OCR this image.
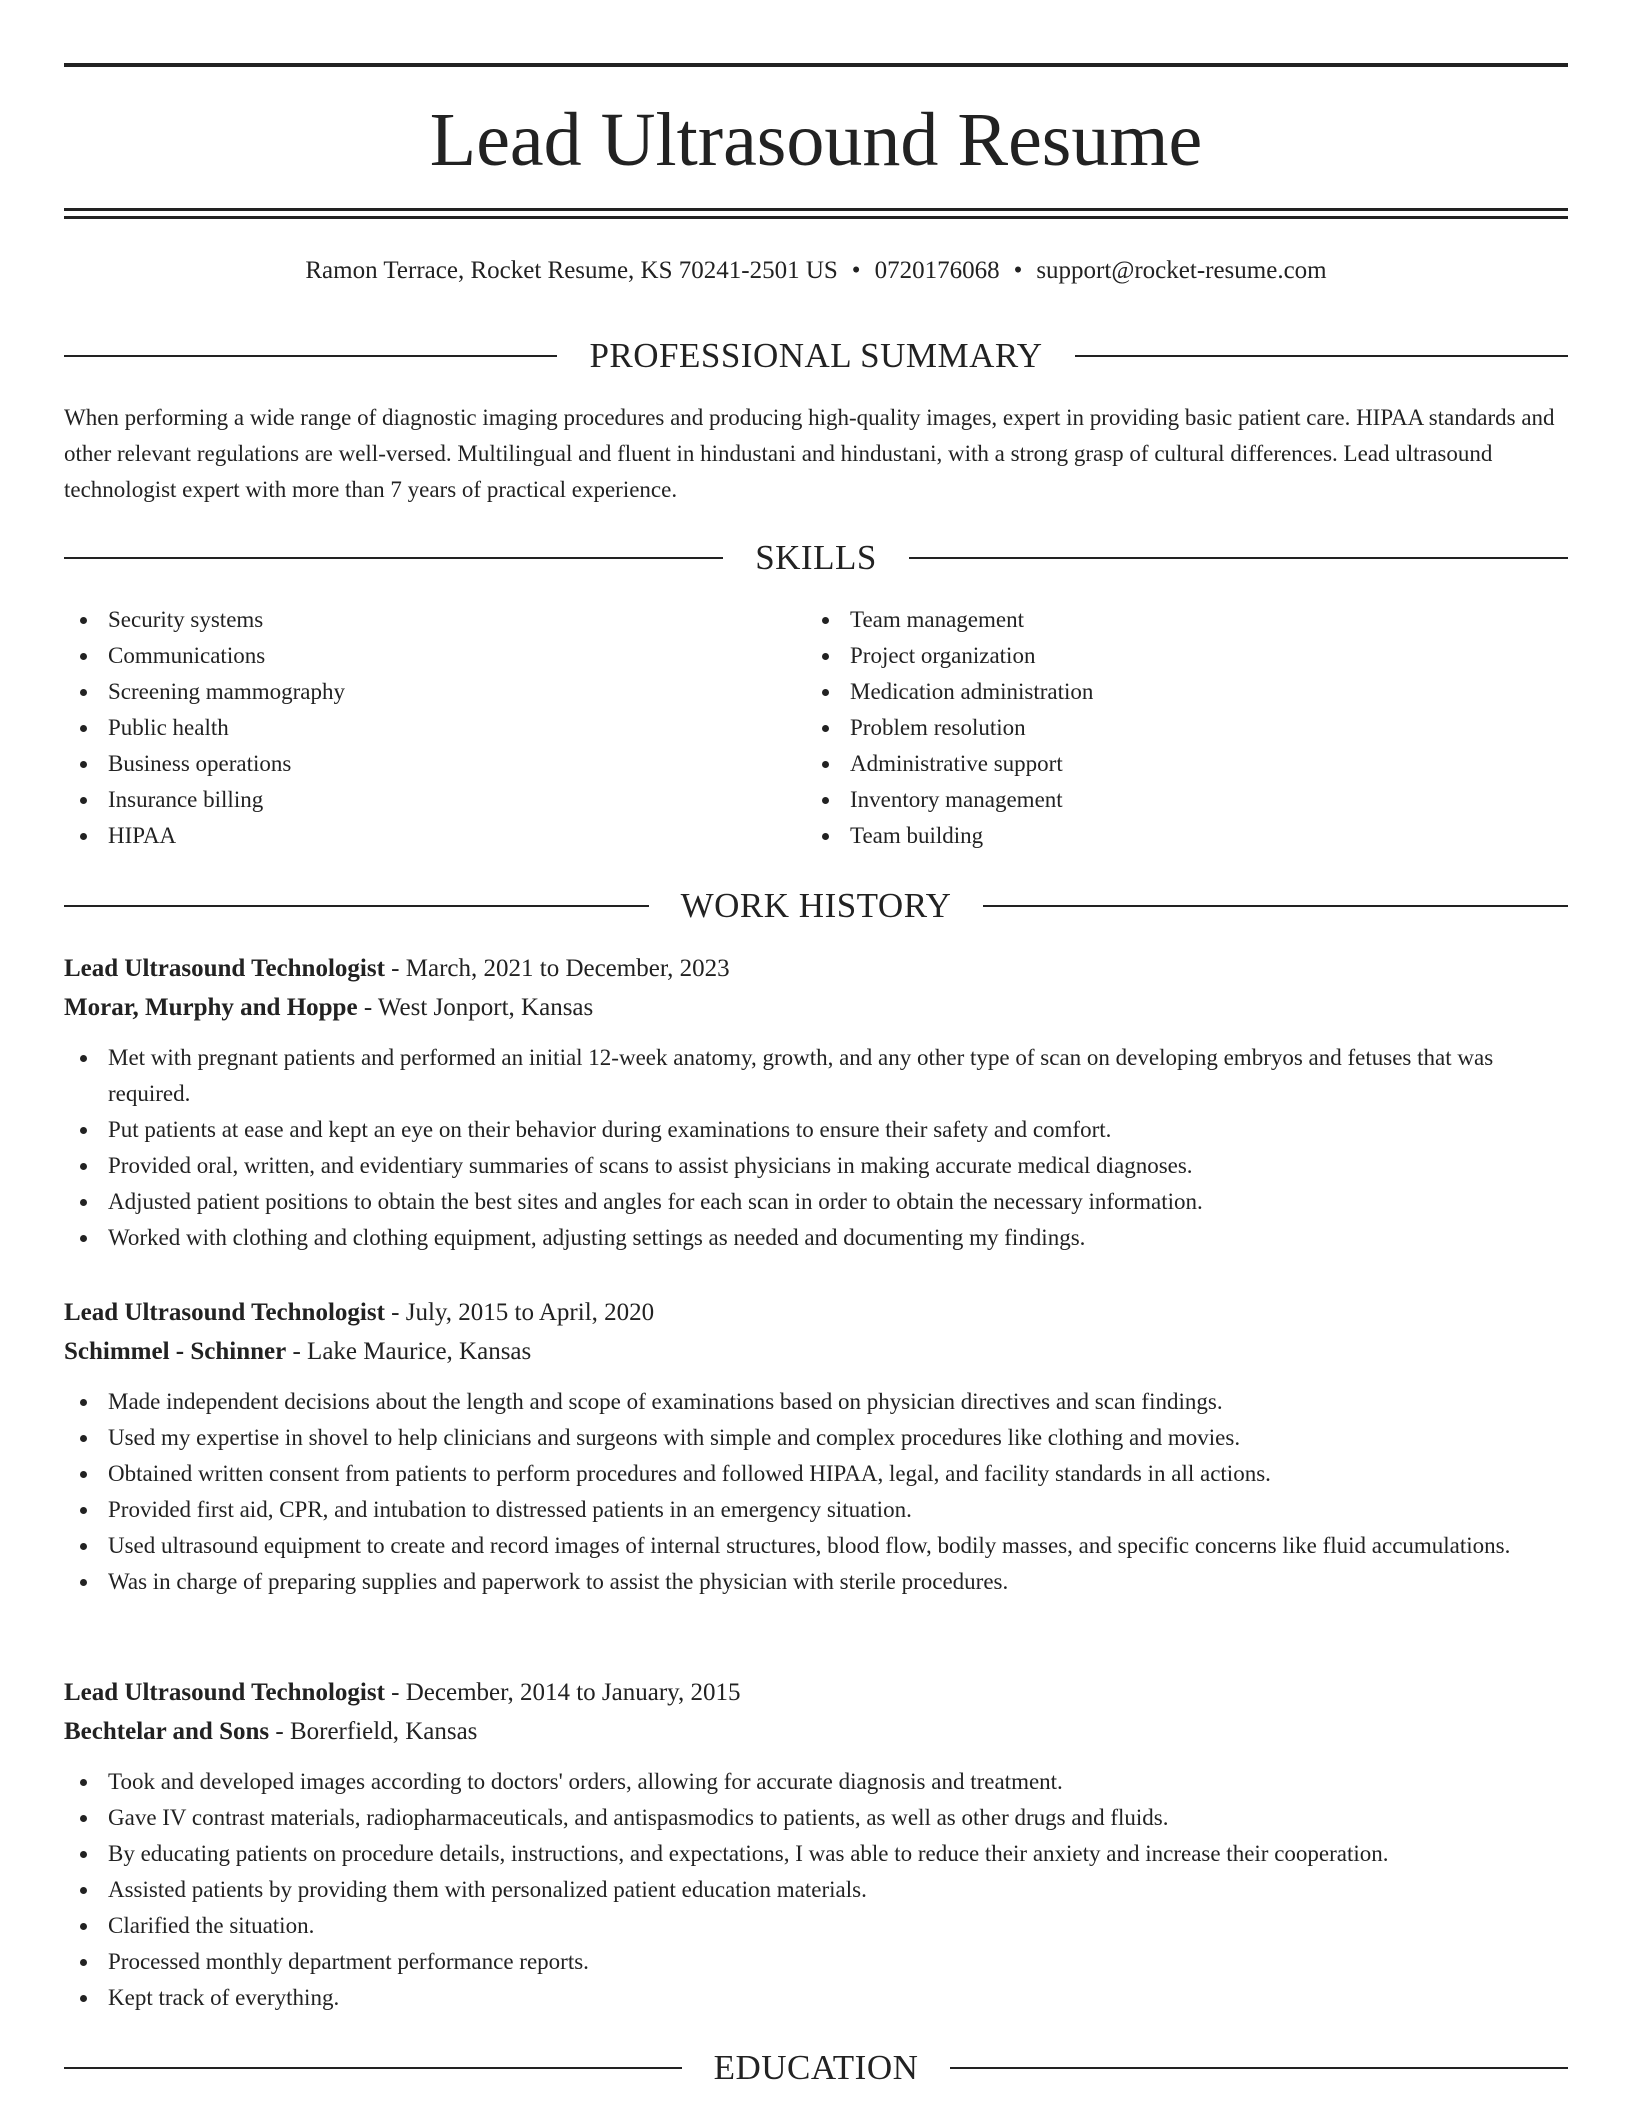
Lead Ultrasound Resume
Ramon Terrace, Rocket Resume, KS 70241-2501 US • 0720176068 • support@rocket-resume.com
PROFESSIONAL SUMMARY

When performing a wide range of diagnostic imaging procedures and producing high-quality images, expert in providing basic patient care. HIPAA standards and other relevant regulations are well-versed. Multilingual and fluent in hindustani and hindustani, with a strong grasp of cultural differences. Lead ultrasound technologist expert with more than 7 years of practical experience.

SKILLS
Security systems
Communications
Screening mammography
Public health
Business operations
Insurance billing
HIPAA
Team management
Project organization
Medication administration
Problem resolution
Administrative support
Inventory management
Team building
WORK HISTORY
Lead Ultrasound Technologist - March, 2021 to December, 2023
Morar, Murphy and Hoppe - West Jonport, Kansas
Met with pregnant patients and performed an initial 12-week anatomy, growth, and any other type of scan on developing embryos and fetuses that was required.
Put patients at ease and kept an eye on their behavior during examinations to ensure their safety and comfort.
Provided oral, written, and evidentiary summaries of scans to assist physicians in making accurate medical diagnoses.
Adjusted patient positions to obtain the best sites and angles for each scan in order to obtain the necessary information.
Worked with clothing and clothing equipment, adjusting settings as needed and documenting my findings.
Lead Ultrasound Technologist - July, 2015 to April, 2020
Schimmel - Schinner - Lake Maurice, Kansas
Made independent decisions about the length and scope of examinations based on physician directives and scan findings.
Used my expertise in shovel to help clinicians and surgeons with simple and complex procedures like clothing and movies.
Obtained written consent from patients to perform procedures and followed HIPAA, legal, and facility standards in all actions.
Provided first aid, CPR, and intubation to distressed patients in an emergency situation.
Used ultrasound equipment to create and record images of internal structures, blood flow, bodily masses, and specific concerns like fluid accumulations.
Was in charge of preparing supplies and paperwork to assist the physician with sterile procedures.
Lead Ultrasound Technologist - December, 2014 to January, 2015
Bechtelar and Sons - Borerfield, Kansas
Took and developed images according to doctors' orders, allowing for accurate diagnosis and treatment.
Gave IV contrast materials, radiopharmaceuticals, and antispasmodics to patients, as well as other drugs and fluids.
By educating patients on procedure details, instructions, and expectations, I was able to reduce their anxiety and increase their cooperation.
Assisted patients by providing them with personalized patient education materials.
Clarified the situation.
Processed monthly department performance reports.
Kept track of everything.
EDUCATION
